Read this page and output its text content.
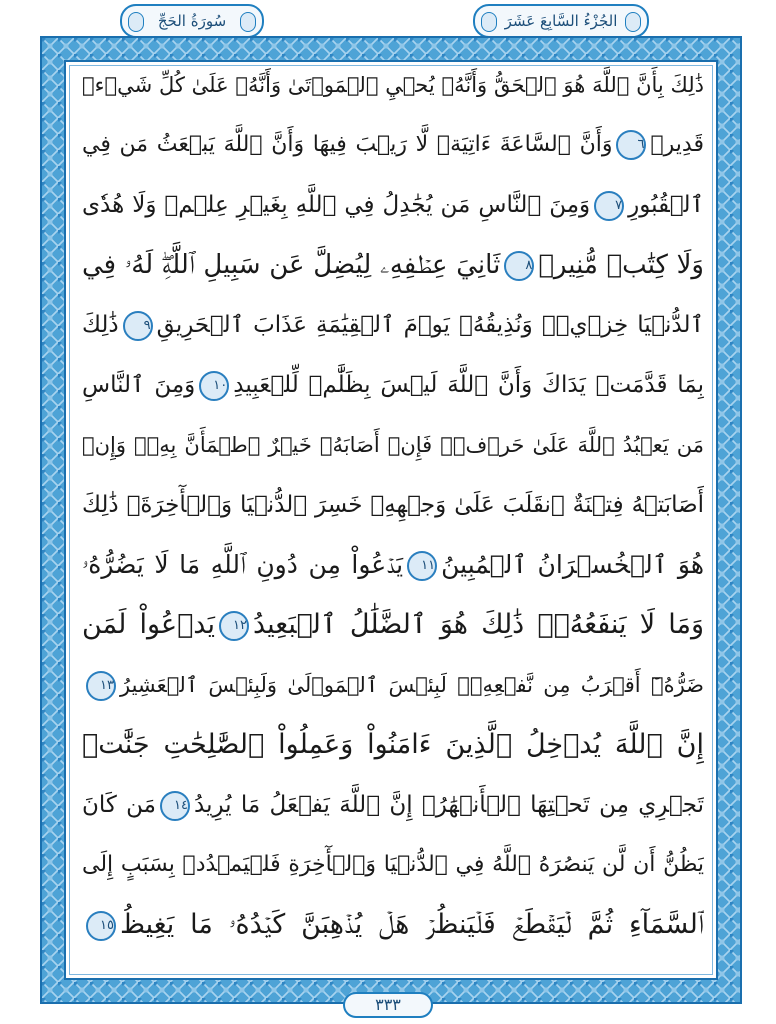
سُورَةُ الحَجِّ	الجُزْءُ السَّابِعَ عَشَرَ
ذَٰلِكَ بِأَنَّ ٱللَّهَ هُوَ ٱلۡحَقُّ وَأَنَّهُۥ يُحۡيِ ٱلۡمَوۡتَىٰ وَأَنَّهُۥ عَلَىٰ كُلِّ شَيۡءٖ
قَدِيرٞ٦وَأَنَّ ٱلسَّاعَةَ ءَاتِيَةٞ لَّا رَيۡبَ فِيهَا وَأَنَّ ٱللَّهَ يَبۡعَثُ مَن فِي
ٱلۡقُبُورِ٧وَمِنَ ٱلنَّاسِ مَن يُجَٰدِلُ فِي ٱللَّهِ بِغَيۡرِ عِلۡمٖ وَلَا هُدٗى
وَلَا كِتَٰبٖ مُّنِيرٖ٨ثَانِيَ عِطۡفِهِۦ لِيُضِلَّ عَن سَبِيلِ ٱللَّهِۖ لَهُۥ فِي
ٱلدُّنۡيَا خِزۡيٞۖ وَنُذِيقُهُۥ يَوۡمَ ٱلۡقِيَٰمَةِ عَذَابَ ٱلۡحَرِيقِ٩ذَٰلِكَ
بِمَا قَدَّمَتۡ يَدَاكَ وَأَنَّ ٱللَّهَ لَيۡسَ بِظَلَّٰمٖ لِّلۡعَبِيدِ١٠وَمِنَ ٱلنَّاسِ
مَن يَعۡبُدُ ٱللَّهَ عَلَىٰ حَرۡفٖۖ فَإِنۡ أَصَابَهُۥ خَيۡرٌ ٱطۡمَأَنَّ بِهِۦۖ وَإِنۡ
أَصَابَتۡهُ فِتۡنَةٌ ٱنقَلَبَ عَلَىٰ وَجۡهِهِۦ خَسِرَ ٱلدُّنۡيَا وَٱلۡأٓخِرَةَۚ ذَٰلِكَ
هُوَ ٱلۡخُسۡرَانُ ٱلۡمُبِينُ١١يَدۡعُواْ مِن دُونِ ٱللَّهِ مَا لَا يَضُرُّهُۥ
وَمَا لَا يَنفَعُهُۥۚ ذَٰلِكَ هُوَ ٱلضَّلَٰلُ ٱلۡبَعِيدُ١٢يَدۡعُواْ لَمَن
ضَرُّهُۥٓ أَقۡرَبُ مِن نَّفۡعِهِۦۚ لَبِئۡسَ ٱلۡمَوۡلَىٰ وَلَبِئۡسَ ٱلۡعَشِيرُ١٣
إِنَّ ٱللَّهَ يُدۡخِلُ ٱلَّذِينَ ءَامَنُواْ وَعَمِلُواْ ٱلصَّٰلِحَٰتِ جَنَّٰتٖ
تَجۡرِي مِن تَحۡتِهَا ٱلۡأَنۡهَٰرُۚ إِنَّ ٱللَّهَ يَفۡعَلُ مَا يُرِيدُ١٤مَن كَانَ
يَظُنُّ أَن لَّن يَنصُرَهُ ٱللَّهُ فِي ٱلدُّنۡيَا وَٱلۡأٓخِرَةِ فَلۡيَمۡدُدۡ بِسَبَبٍ إِلَى
ٱلسَّمَآءِ ثُمَّ لۡيَقۡطَعۡ فَلۡيَنظُرۡ هَلۡ يُذۡهِبَنَّ كَيۡدُهُۥ مَا يَغِيظُ١٥
٣٣٣
